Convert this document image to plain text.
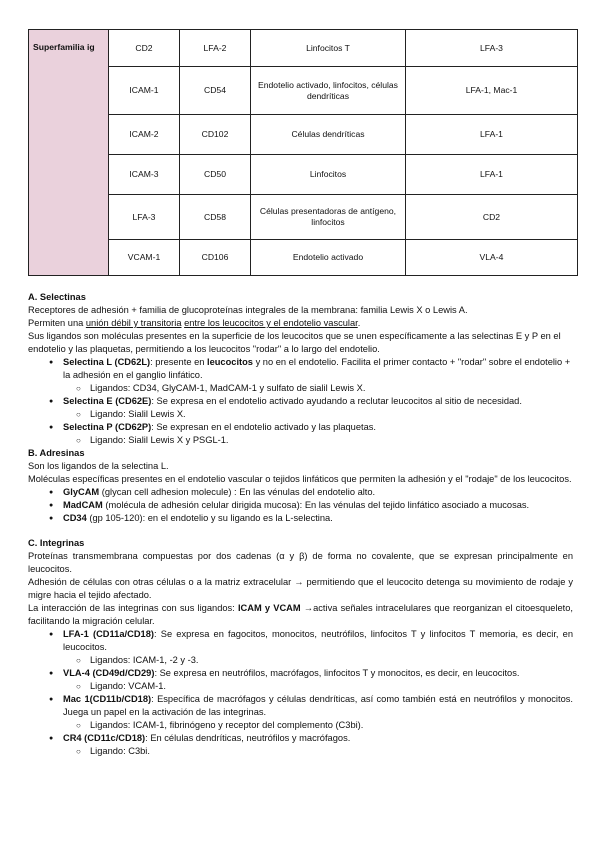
Superfamilia ig	CD2	LFA-2	Linfocitos T	LFA-3
	ICAM-1	CD54	Endotelio activado, linfocitos, células dendríticas	LFA-1, Mac-1
	ICAM-2	CD102	Células dendríticas	LFA-1
	ICAM-3	CD50	Linfocitos	LFA-1
	LFA-3	CD58	Células presentadoras de antígeno, linfocitos	CD2
	VCAM-1	CD106	Endotelio activado	VLA-4

A. Selectinas

Receptores de adhesión + familia de glucoproteínas integrales de la membrana: familia Lewis X o Lewis A.

Permiten una unión débil y transitoria entre los leucocitos y el endotelio vascular.

Sus ligandos son moléculas presentes en la superficie de los leucocitos que se unen específicamente a las selectinas E y P en el endotelio y las plaquetas, permitiendo a los leucocitos "rodar" a lo largo del endotelio.

● Selectina L (CD62L): presente en leucocitos y no en el endotelio. Facilita el primer contacto + "rodar" sobre el endotelio + la adhesión en el ganglio linfático.
○ Ligandos: CD34, GlyCAM-1, MadCAM-1 y sulfato de sialil Lewis X.
● Selectina E (CD62E): Se expresa en el endotelio activado ayudando a reclutar leucocitos al sitio de necesidad.
○ Ligando: Sialil Lewis X.
● Selectina P (CD62P): Se expresan en el endotelio activado y las plaquetas.
○ Ligando: Sialil Lewis X y PSGL-1.

B. Adresinas

Son los ligandos de la selectina L.

Moléculas específicas presentes en el endotelio vascular o tejidos linfáticos que permiten la adhesión y el "rodaje" de los leucocitos.

● GlyCAM (glycan cell adhesion molecule) : En las vénulas del endotelio alto.
● MadCAM (molécula de adhesión celular dirigida mucosa): En las vénulas del tejido linfático asociado a mucosas.
● CD34 (gp 105-120): en el endotelio y su ligando es la L-selectina.

C. Integrinas

Proteínas transmembrana compuestas por dos cadenas (α y β) de forma no covalente, que se expresan principalmente en leucocitos.

Adhesión de células con otras células o a la matriz extracelular → permitiendo que el leucocito detenga su movimiento de rodaje y migre hacia el tejido afectado.

La interacción de las integrinas con sus ligandos: ICAM y VCAM →activa señales intracelulares que reorganizan el citoesqueleto, facilitando la migración celular.

● LFA-1 (CD11a/CD18): Se expresa en fagocitos, monocitos, neutrófilos, linfocitos T y linfocitos T memoria, es decir, en leucocitos.
○ Ligandos: ICAM-1, -2 y -3.
● VLA-4 (CD49d/CD29): Se expresa en neutrófilos, macrófagos, linfocitos T y monocitos, es decir, en leucocitos.
○ Ligando: VCAM-1.
● Mac 1(CD11b/CD18): Específica de macrófagos y células dendríticas, así como también está en neutrófilos y monocitos. Juega un papel en la activación de las integrinas.
○ Ligandos: ICAM-1, fibrinógeno y receptor del complemento (C3bi).
● CR4 (CD11c/CD18): En células dendríticas, neutrófilos y macrófagos.
○ Ligando: C3bi.
